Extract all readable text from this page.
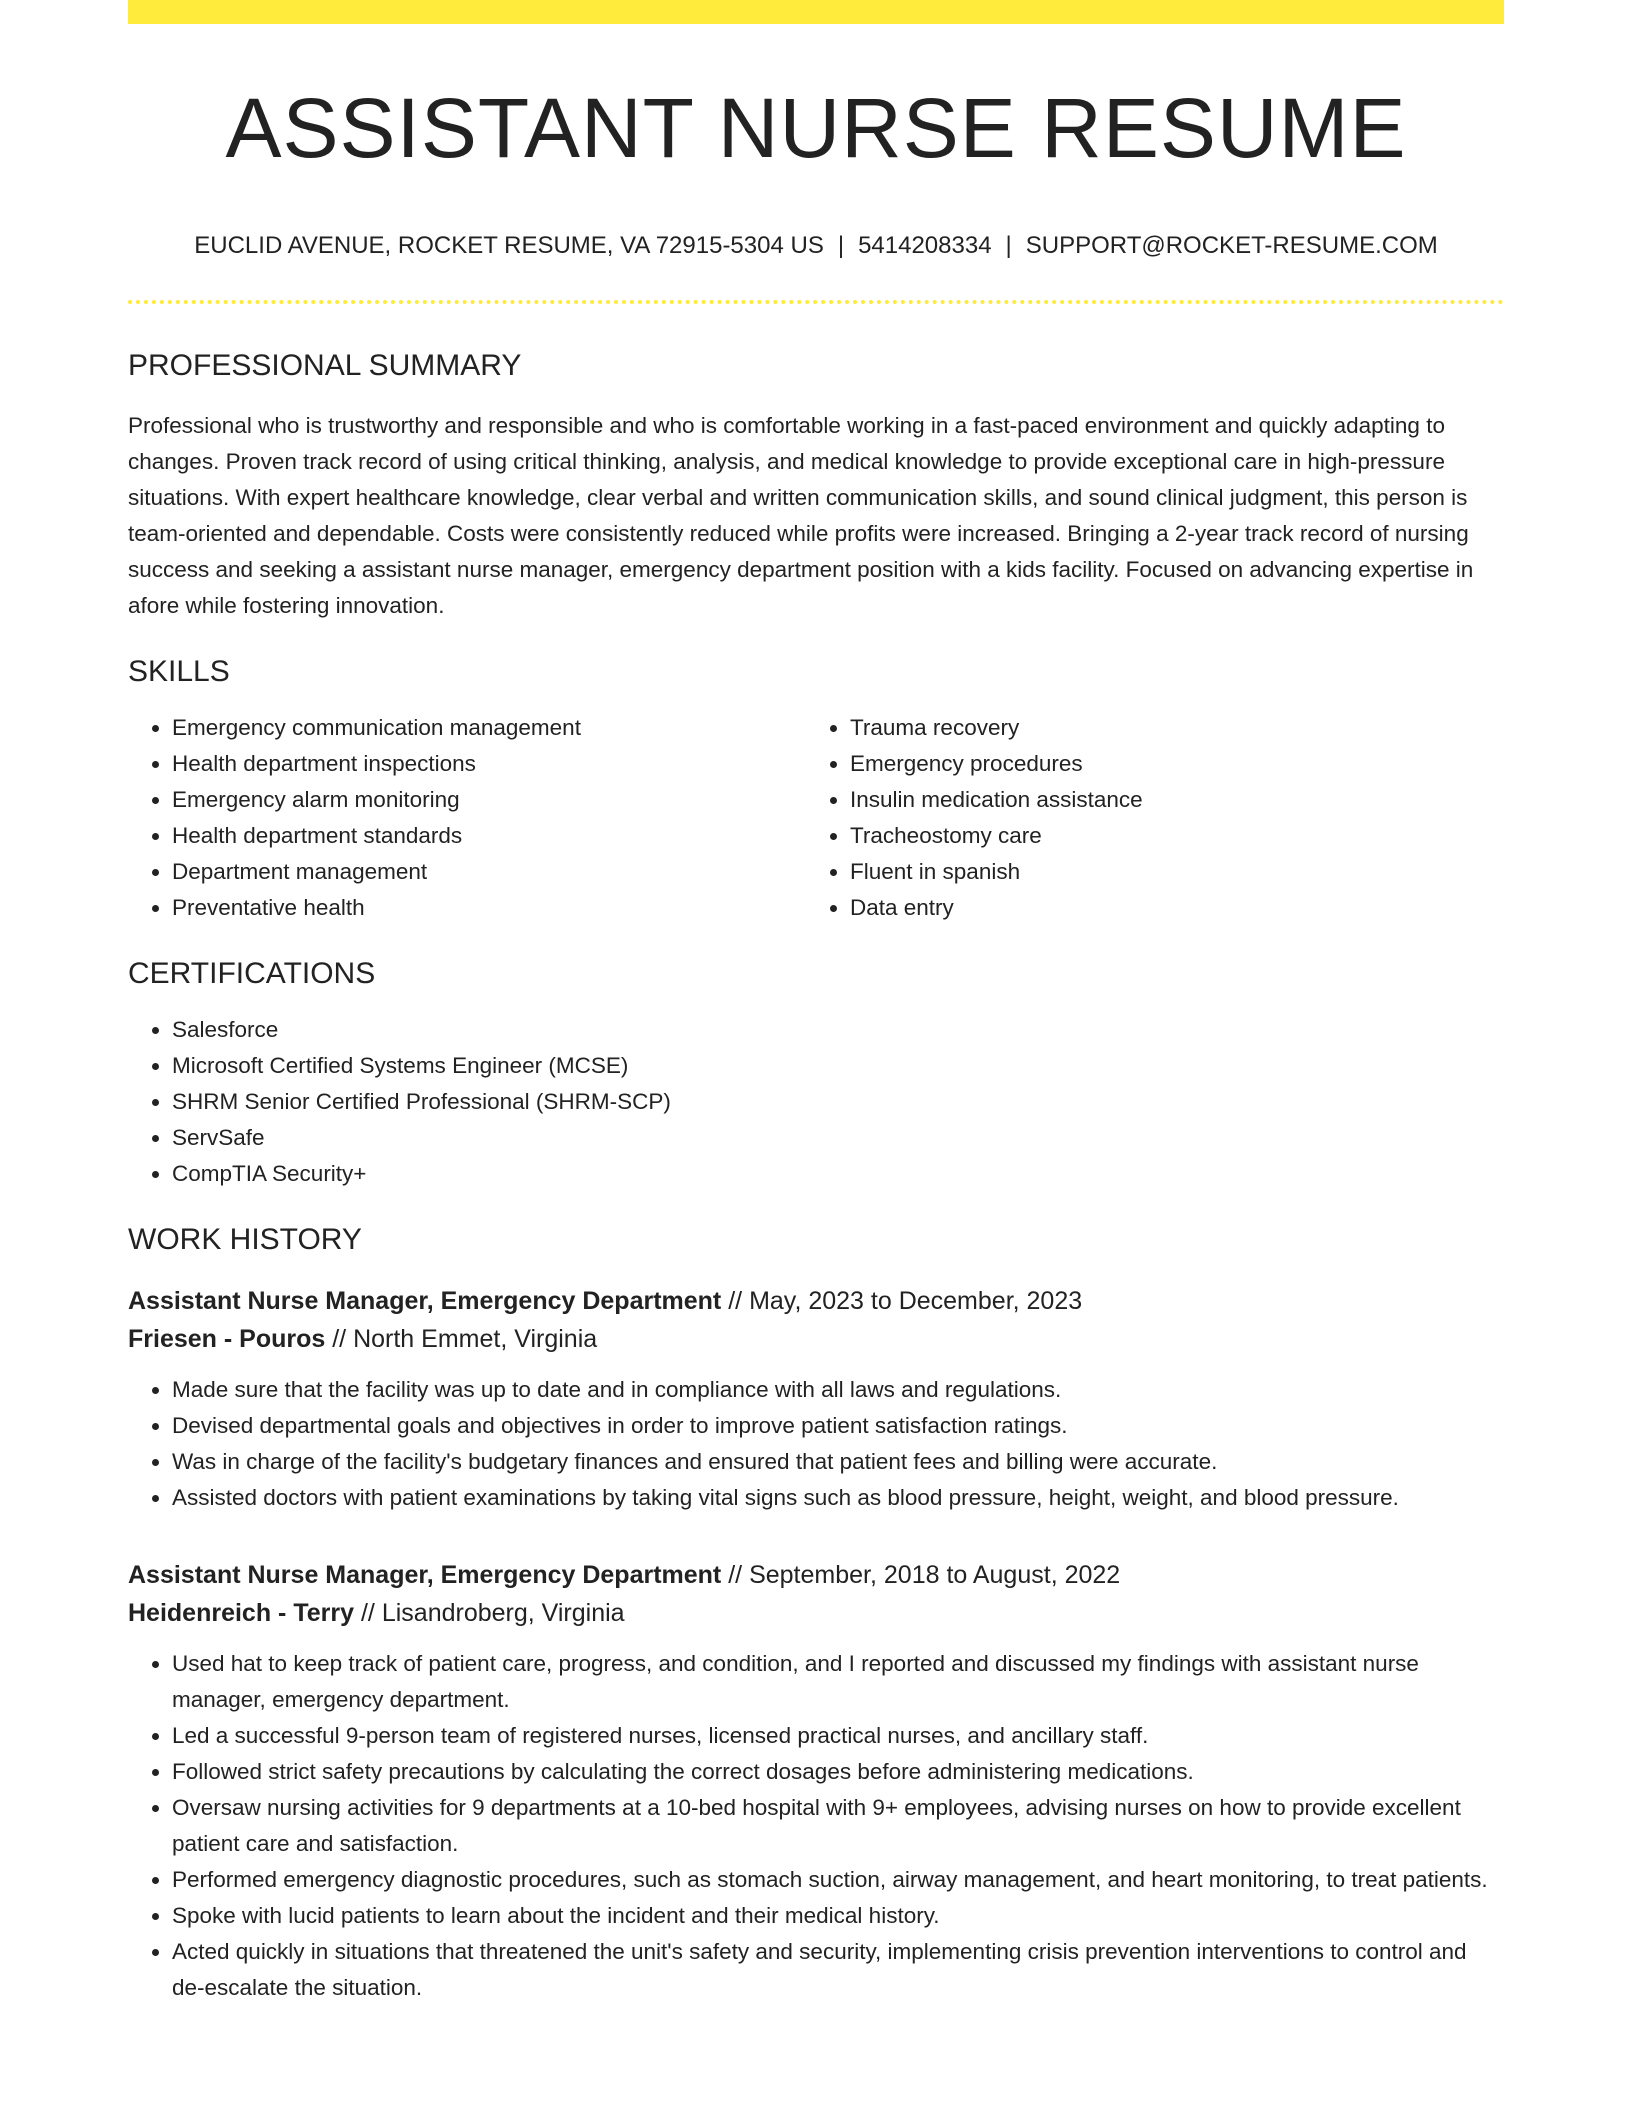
ASSISTANT NURSE RESUME
EUCLID AVENUE, ROCKET RESUME, VA 72915-5304 US | 5414208334 | SUPPORT@ROCKET-RESUME.COM
PROFESSIONAL SUMMARY
Professional who is trustworthy and responsible and who is comfortable working in a fast-paced environment and quickly adapting to changes. Proven track record of using critical thinking, analysis, and medical knowledge to provide exceptional care in high-pressure situations. With expert healthcare knowledge, clear verbal and written communication skills, and sound clinical judgment, this person is team-oriented and dependable. Costs were consistently reduced while profits were increased. Bringing a 2-year track record of nursing success and seeking a assistant nurse manager, emergency department position with a kids facility. Focused on advancing expertise in afore while fostering innovation.
SKILLS
• Emergency communication management
• Health department inspections
• Emergency alarm monitoring
• Health department standards
• Department management
• Preventative health
• Trauma recovery
• Emergency procedures
• Insulin medication assistance
• Tracheostomy care
• Fluent in spanish
• Data entry
CERTIFICATIONS
• Salesforce
• Microsoft Certified Systems Engineer (MCSE)
• SHRM Senior Certified Professional (SHRM-SCP)
• ServSafe
• CompTIA Security+
WORK HISTORY
Assistant Nurse Manager, Emergency Department // May, 2023 to December, 2023
Friesen - Pouros // North Emmet, Virginia
• Made sure that the facility was up to date and in compliance with all laws and regulations.
• Devised departmental goals and objectives in order to improve patient satisfaction ratings.
• Was in charge of the facility's budgetary finances and ensured that patient fees and billing were accurate.
• Assisted doctors with patient examinations by taking vital signs such as blood pressure, height, weight, and blood pressure.
Assistant Nurse Manager, Emergency Department // September, 2018 to August, 2022
Heidenreich - Terry // Lisandroberg, Virginia
• Used hat to keep track of patient care, progress, and condition, and I reported and discussed my findings with assistant nurse manager, emergency department.
• Led a successful 9-person team of registered nurses, licensed practical nurses, and ancillary staff.
• Followed strict safety precautions by calculating the correct dosages before administering medications.
• Oversaw nursing activities for 9 departments at a 10-bed hospital with 9+ employees, advising nurses on how to provide excellent patient care and satisfaction.
• Performed emergency diagnostic procedures, such as stomach suction, airway management, and heart monitoring, to treat patients.
• Spoke with lucid patients to learn about the incident and their medical history.
• Acted quickly in situations that threatened the unit's safety and security, implementing crisis prevention interventions to control and de-escalate the situation.
